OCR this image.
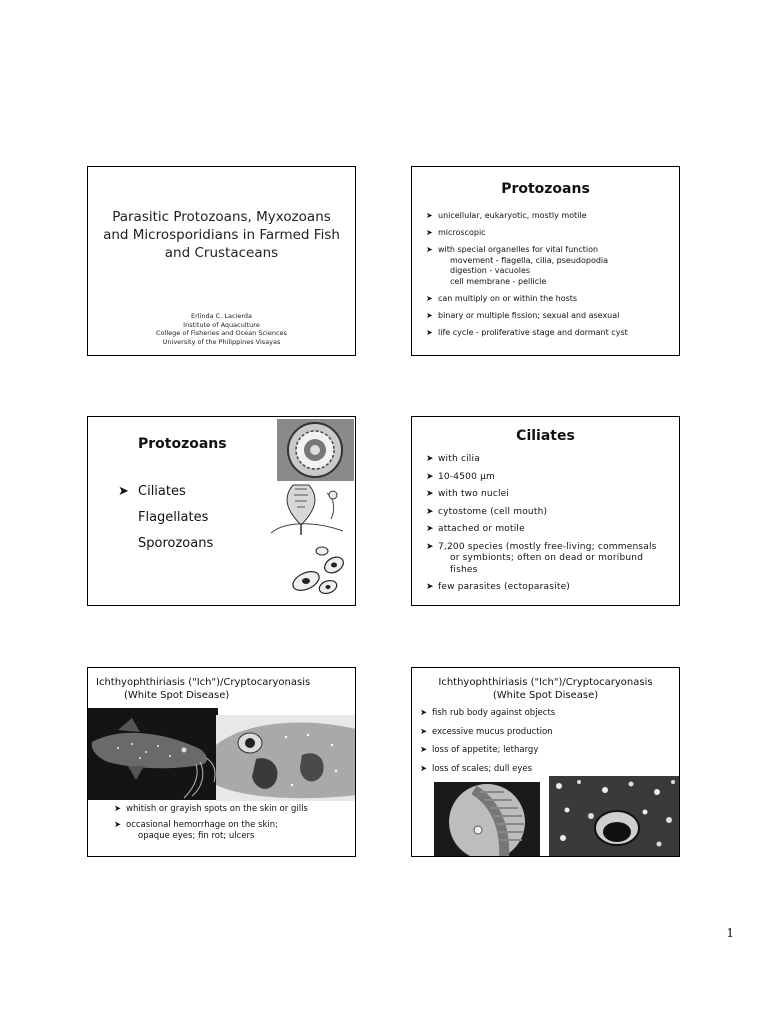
Parasitic Protozoans, Myxozoans
and Microsporidians in Farmed Fish
and Crustaceans
Erlinda C. Lacierda
Institute of Aquaculture
College of Fisheries and Ocean Sciences
University of the Philippines Visayas
Protozoans
➤ unicellular, eukaryotic, mostly motile
➤ microscopic
➤ with special organelles for vital function
movement - flagella, cilia, pseudopodia
digestion - vacuoles
cell membrane - pellicle
➤ can multiply on or within the hosts
➤ binary or multiple fission; sexual and asexual
➤ life cycle - proliferative stage and dormant cyst
Protozoans
➤ Ciliates
Flagellates
Sporozoans
Ciliates
➤ with cilia
➤ 10-4500 µm
➤ with two nuclei
➤ cytostome (cell mouth)
➤ attached or motile
➤ 7,200 species (mostly free-living; commensals
or symbionts; often on dead or moribund
fishes
➤ few parasites (ectoparasite)
Ichthyophthiriasis ("Ich")/Cryptocaryonasis
(White Spot Disease)
➤ whitish or grayish spots on the skin or gills
➤ occasional hemorrhage on the skin;
opaque eyes; fin rot; ulcers
Ichthyophthiriasis ("Ich")/Cryptocaryonasis
(White Spot Disease)
➤ fish rub body against objects
➤ excessive mucus production
➤ loss of appetite; lethargy
➤ loss of scales; dull eyes
1
